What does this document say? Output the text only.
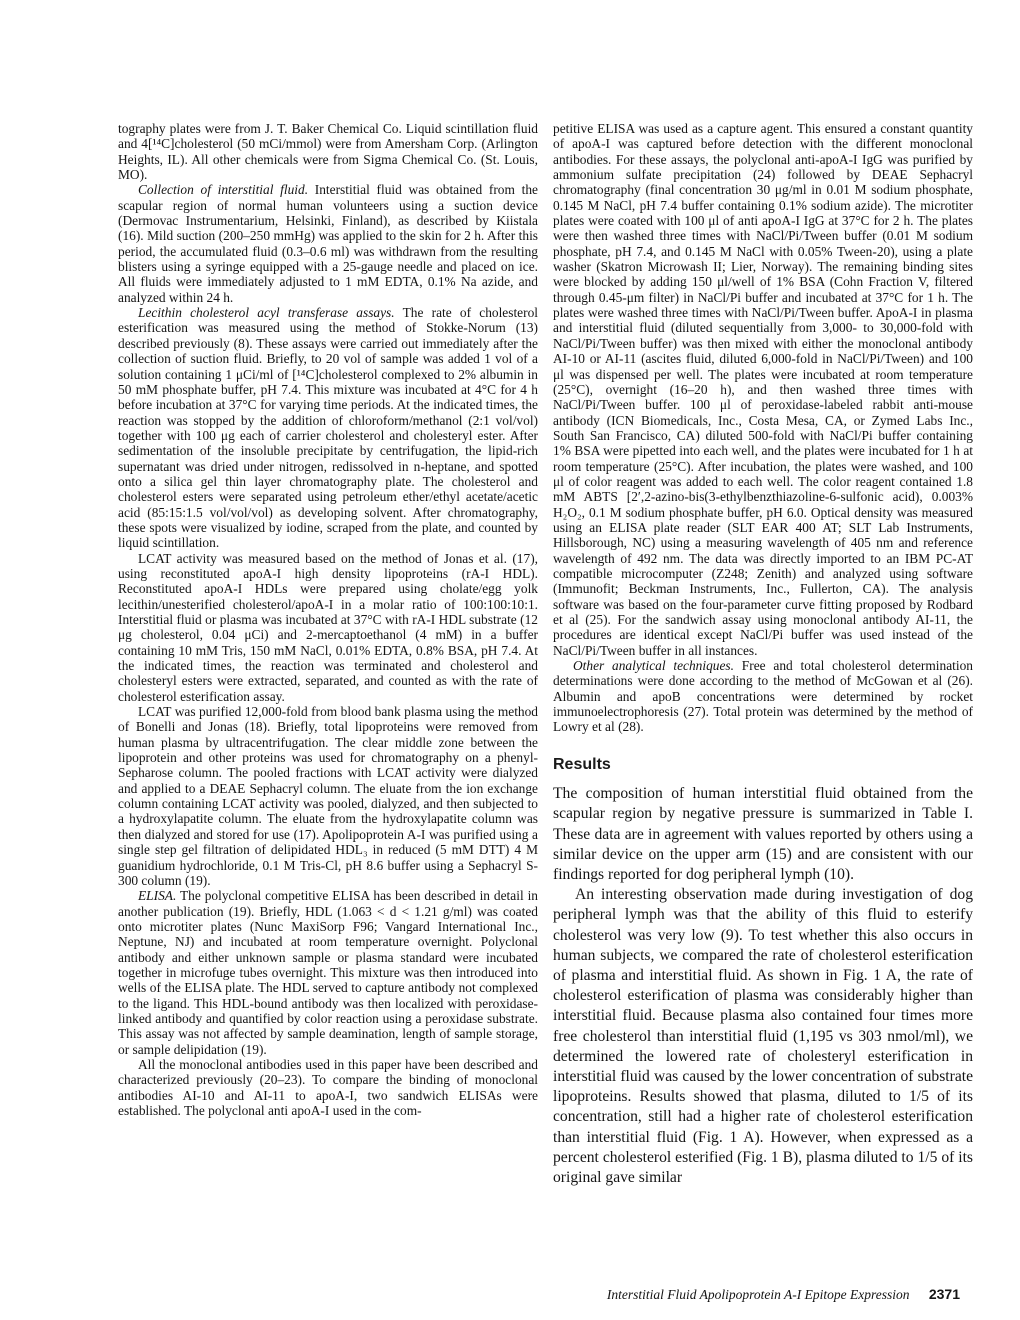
tography plates were from J. T. Baker Chemical Co. Liquid scintillation fluid and 4[¹⁴C]cholesterol (50 mCi/mmol) were from Amersham Corp. (Arlington Heights, IL). All other chemicals were from Sigma Chemical Co. (St. Louis, MO).

Collection of interstitial fluid. Interstitial fluid was obtained from the scapular region of normal human volunteers using a suction device (Dermovac Instrumentarium, Helsinki, Finland), as described by Kiistala (16). Mild suction (200–250 mmHg) was applied to the skin for 2 h. After this period, the accumulated fluid (0.3–0.6 ml) was withdrawn from the resulting blisters using a syringe equipped with a 25-gauge needle and placed on ice. All fluids were immediately adjusted to 1 mM EDTA, 0.1% Na azide, and analyzed within 24 h.

Lecithin cholesterol acyl transferase assays. The rate of cholesterol esterification was measured using the method of Stokke-Norum (13) described previously (8). These assays were carried out immediately after the collection of suction fluid. Briefly, to 20 vol of sample was added 1 vol of a solution containing 1 μCi/ml of [¹⁴C]cholesterol complexed to 2% albumin in 50 mM phosphate buffer, pH 7.4. This mixture was incubated at 4°C for 4 h before incubation at 37°C for varying time periods. At the indicated times, the reaction was stopped by the addition of chloroform/methanol (2:1 vol/vol) together with 100 μg each of carrier cholesterol and cholesteryl ester. After sedimentation of the insoluble precipitate by centrifugation, the lipid-rich supernatant was dried under nitrogen, redissolved in n-heptane, and spotted onto a silica gel thin layer chromatography plate. The cholesterol and cholesterol esters were separated using petroleum ether/ethyl acetate/acetic acid (85:15:1.5 vol/vol/vol) as developing solvent. After chromatography, these spots were visualized by iodine, scraped from the plate, and counted by liquid scintillation.

LCAT activity was measured based on the method of Jonas et al. (17), using reconstituted apoA-I high density lipoproteins (rA-I HDL). Reconstituted apoA-I HDLs were prepared using cholate/egg yolk lecithin/unesterified cholesterol/apoA-I in a molar ratio of 100:100:10:1. Interstitial fluid or plasma was incubated at 37°C with rA-I HDL substrate (12 μg cholesterol, 0.04 μCi) and 2-mercaptoethanol (4 mM) in a buffer containing 10 mM Tris, 150 mM NaCl, 0.01% EDTA, 0.8% BSA, pH 7.4. At the indicated times, the reaction was terminated and cholesterol and cholesteryl esters were extracted, separated, and counted as with the rate of cholesterol esterification assay.

LCAT was purified 12,000-fold from blood bank plasma using the method of Bonelli and Jonas (18). Briefly, total lipoproteins were removed from human plasma by ultracentrifugation. The clear middle zone between the lipoprotein and other proteins was used for chromatography on a phenyl-Sepharose column. The pooled fractions with LCAT activity were dialyzed and applied to a DEAE Sephacryl column. The eluate from the ion exchange column containing LCAT activity was pooled, dialyzed, and then subjected to a hydroxylapatite column. The eluate from the hydroxylapatite column was then dialyzed and stored for use (17). Apolipoprotein A-I was purified using a single step gel filtration of delipidated HDL₃ in reduced (5 mM DTT) 4 M guanidium hydrochloride, 0.1 M Tris-Cl, pH 8.6 buffer using a Sephacryl S-300 column (19).

ELISA. The polyclonal competitive ELISA has been described in detail in another publication (19). Briefly, HDL (1.063 < d < 1.21 g/ml) was coated onto microtiter plates (Nunc MaxiSorp F96; Vangard International Inc., Neptune, NJ) and incubated at room temperature overnight. Polyclonal antibody and either unknown sample or plasma standard were incubated together in microfuge tubes overnight. This mixture was then introduced into wells of the ELISA plate. The HDL served to capture antibody not complexed to the ligand. This HDL-bound antibody was then localized with peroxidase-linked antibody and quantified by color reaction using a peroxidase substrate. This assay was not affected by sample deamination, length of sample storage, or sample delipidation (19).

All the monoclonal antibodies used in this paper have been described and characterized previously (20–23). To compare the binding of monoclonal antibodies AI-10 and AI-11 to apoA-I, two sandwich ELISAs were established. The polyclonal anti apoA-I used in the com-

petitive ELISA was used as a capture agent. This ensured a constant quantity of apoA-I was captured before detection with the different monoclonal antibodies. For these assays, the polyclonal anti-apoA-I IgG was purified by ammonium sulfate precipitation (24) followed by DEAE Sephacryl chromatography (final concentration 30 μg/ml in 0.01 M sodium phosphate, 0.145 M NaCl, pH 7.4 buffer containing 0.1% sodium azide). The microtiter plates were coated with 100 μl of anti apoA-I IgG at 37°C for 2 h. The plates were then washed three times with NaCl/Pi/Tween buffer (0.01 M sodium phosphate, pH 7.4, and 0.145 M NaCl with 0.05% Tween-20), using a plate washer (Skatron Microwash II; Lier, Norway). The remaining binding sites were blocked by adding 150 μl/well of 1% BSA (Cohn Fraction V, filtered through 0.45-μm filter) in NaCl/Pi buffer and incubated at 37°C for 1 h. The plates were washed three times with NaCl/Pi/Tween buffer. ApoA-I in plasma and interstitial fluid (diluted sequentially from 3,000- to 30,000-fold with NaCl/Pi/Tween buffer) was then mixed with either the monoclonal antibody AI-10 or AI-11 (ascites fluid, diluted 6,000-fold in NaCl/Pi/Tween) and 100 μl was dispensed per well. The plates were incubated at room temperature (25°C), overnight (16–20 h), and then washed three times with NaCl/Pi/Tween buffer. 100 μl of peroxidase-labeled rabbit anti-mouse antibody (ICN Biomedicals, Inc., Costa Mesa, CA, or Zymed Labs Inc., South San Francisco, CA) diluted 500-fold with NaCl/Pi buffer containing 1% BSA were pipetted into each well, and the plates were incubated for 1 h at room temperature (25°C). After incubation, the plates were washed, and 100 μl of color reagent was added to each well. The color reagent contained 1.8 mM ABTS [2′,2-azino-bis(3-ethylbenzthiazoline-6-sulfonic acid), 0.003% H₂O₂, 0.1 M sodium phosphate buffer, pH 6.0. Optical density was measured using an ELISA plate reader (SLT EAR 400 AT; SLT Lab Instruments, Hillsborough, NC) using a measuring wavelength of 405 nm and reference wavelength of 492 nm. The data was directly imported to an IBM PC-AT compatible microcomputer (Z248; Zenith) and analyzed using software (Immunofit; Beckman Instruments, Inc., Fullerton, CA). The analysis software was based on the four-parameter curve fitting proposed by Rodbard et al (25). For the sandwich assay using monoclonal antibody AI-11, the procedures are identical except NaCl/Pi buffer was used instead of the NaCl/Pi/Tween buffer in all instances.

Other analytical techniques. Free and total cholesterol determination determinations were done according to the method of McGowan et al (26). Albumin and apoB concentrations were determined by rocket immunoelectrophoresis (27). Total protein was determined by the method of Lowry et al (28).

Results

The composition of human interstitial fluid obtained from the scapular region by negative pressure is summarized in Table I. These data are in agreement with values reported by others using a similar device on the upper arm (15) and are consistent with our findings reported for dog peripheral lymph (10).

An interesting observation made during investigation of dog peripheral lymph was that the ability of this fluid to esterify cholesterol was very low (9). To test whether this also occurs in human subjects, we compared the rate of cholesterol esterification of plasma and interstitial fluid. As shown in Fig. 1 A, the rate of cholesterol esterification of plasma was considerably higher than interstitial fluid. Because plasma also contained four times more free cholesterol than interstitial fluid (1,195 vs 303 nmol/ml), we determined the lowered rate of cholesteryl esterification in interstitial fluid was caused by the lower concentration of substrate lipoproteins. Results showed that plasma, diluted to 1/5 of its concentration, still had a higher rate of cholesterol esterification than interstitial fluid (Fig. 1 A). However, when expressed as a percent cholesterol esterified (Fig. 1 B), plasma diluted to 1/5 of its original gave similar

Interstitial Fluid Apolipoprotein A-I Epitope Expression 2371
